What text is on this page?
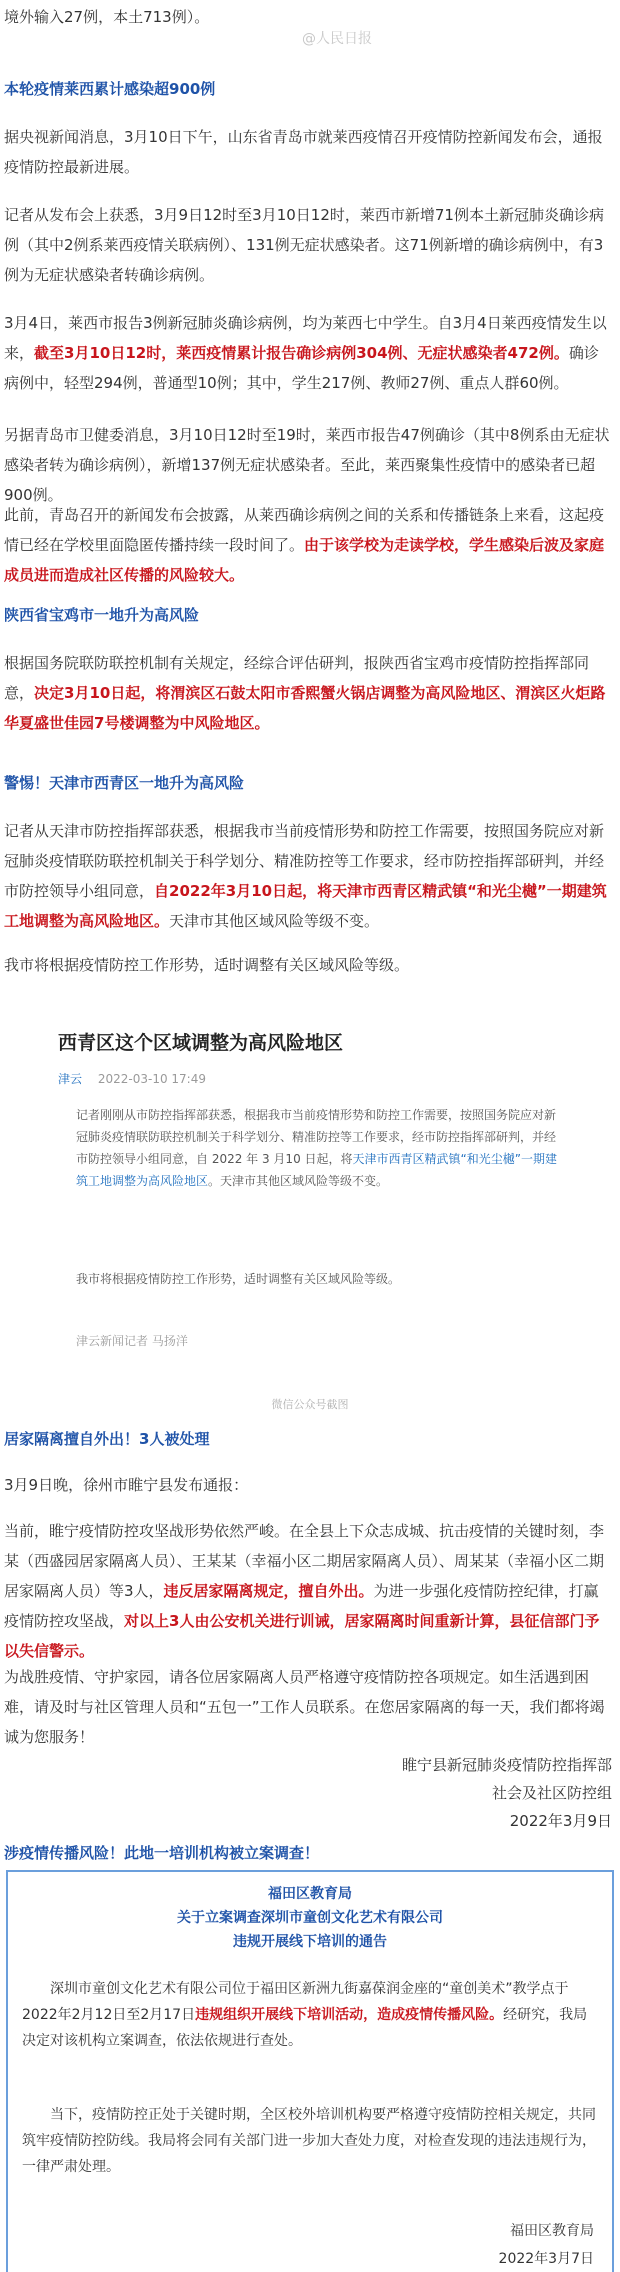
境外输入27例，本土713例）。
@人民日报
本轮疫情莱西累计感染超900例
据央视新闻消息，3月10日下午，山东省青岛市就莱西疫情召开疫情防控新闻发布会，通报疫情防控最新进展。
记者从发布会上获悉，3月9日12时至3月10日12时，莱西市新增71例本土新冠肺炎确诊病例（其中2例系莱西疫情关联病例）、131例无症状感染者。这71例新增的确诊病例中，有3例为无症状感染者转确诊病例。
3月4日，莱西市报告3例新冠肺炎确诊病例，均为莱西七中学生。自3月4日莱西疫情发生以来，截至3月10日12时，莱西疫情累计报告确诊病例304例、无症状感染者472例。确诊病例中，轻型294例，普通型10例；其中，学生217例、教师27例、重点人群60例。
另据青岛市卫健委消息，3月10日12时至19时，莱西市报告47例确诊（其中8例系由无症状感染者转为确诊病例），新增137例无症状感染者。至此，莱西聚集性疫情中的感染者已超900例。
此前，青岛召开的新闻发布会披露，从莱西确诊病例之间的关系和传播链条上来看，这起疫情已经在学校里面隐匿传播持续一段时间了。由于该学校为走读学校，学生感染后波及家庭成员进而造成社区传播的风险较大。
陕西省宝鸡市一地升为高风险
根据国务院联防联控机制有关规定，经综合评估研判，报陕西省宝鸡市疫情防控指挥部同意，决定3月10日起，将渭滨区石鼓太阳市香熙蟹火锅店调整为高风险地区、渭滨区火炬路华夏盛世佳园7号楼调整为中风险地区。
警惕！天津市西青区一地升为高风险
记者从天津市防控指挥部获悉，根据我市当前疫情形势和防控工作需要，按照国务院应对新冠肺炎疫情联防联控机制关于科学划分、精准防控等工作要求，经市防控指挥部研判，并经市防控领导小组同意，自2022年3月10日起，将天津市西青区精武镇“和光尘樾”一期建筑工地调整为高风险地区。天津市其他区域风险等级不变。
我市将根据疫情防控工作形势，适时调整有关区域风险等级。
西青区这个区域调整为高风险地区
津云 2022-03-10 17:49
记者刚刚从市防控指挥部获悉，根据我市当前疫情形势和防控工作需要，按照国务院应对新冠肺炎疫情联防联控机制关于科学划分、精准防控等工作要求，经市防控指挥部研判，并经市防控领导小组同意，自 2022 年 3 月10 日起，将天津市西青区精武镇“和光尘樾”一期建筑工地调整为高风险地区。天津市其他区域风险等级不变。
我市将根据疫情防控工作形势，适时调整有关区域风险等级。
津云新闻记者 马扬洋
微信公众号截图
居家隔离擅自外出！3人被处理
3月9日晚，徐州市睢宁县发布通报：
当前，睢宁疫情防控攻坚战形势依然严峻。在全县上下众志成城、抗击疫情的关键时刻，李某（西盛园居家隔离人员）、王某某（幸福小区二期居家隔离人员）、周某某（幸福小区二期居家隔离人员）等3人，违反居家隔离规定，擅自外出。为进一步强化疫情防控纪律，打赢疫情防控攻坚战，对以上3人由公安机关进行训诫，居家隔离时间重新计算，县征信部门予以失信警示。
为战胜疫情、守护家园，请各位居家隔离人员严格遵守疫情防控各项规定。如生活遇到困难，请及时与社区管理人员和“五包一”工作人员联系。在您居家隔离的每一天，我们都将竭诚为您服务！
睢宁县新冠肺炎疫情防控指挥部
社会及社区防控组
2022年3月9日
涉疫情传播风险！此地一培训机构被立案调查！
福田区教育局
关于立案调查深圳市童创文化艺术有限公司
违规开展线下培训的通告
深圳市童创文化艺术有限公司位于福田区新洲九街嘉葆润金座的“童创美术”教学点于2022年2月12日至2月17日违规组织开展线下培训活动，造成疫情传播风险。经研究，我局决定对该机构立案调查，依法依规进行查处。
当下，疫情防控正处于关键时期，全区校外培训机构要严格遵守疫情防控相关规定，共同筑牢疫情防控防线。我局将会同有关部门进一步加大查处力度，对检查发现的违法违规行为，一律严肃处理。
福田区教育局
2022年3月7日
